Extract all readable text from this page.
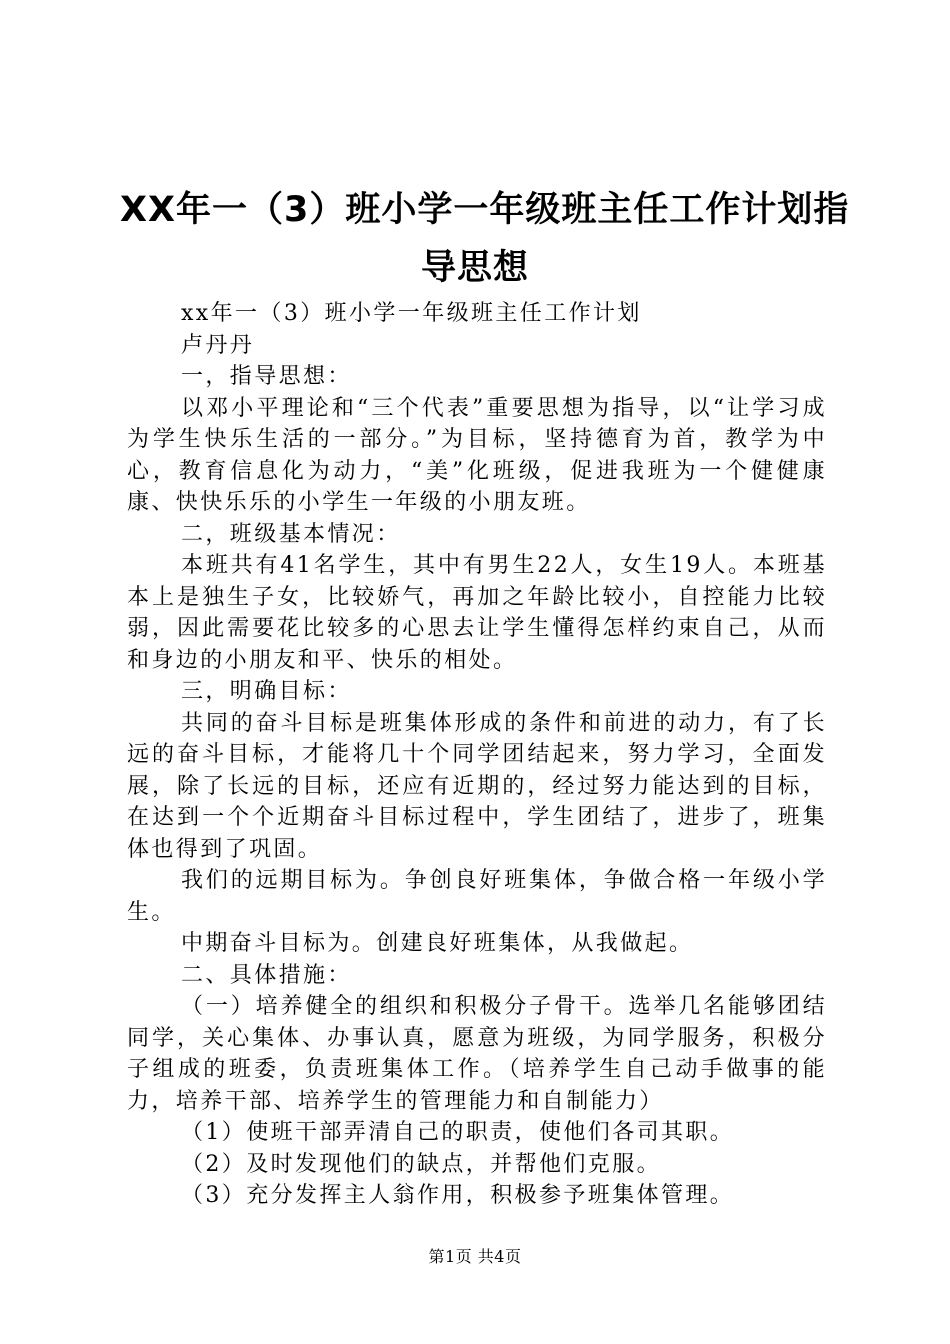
XX年一（3）班小学一年级班主任工作计划指
导思想

xx年一（3）班小学一年级班主任工作计划

卢丹丹

一，指导思想：

以邓小平理论和“三个代表”重要思想为指导，以“让学习成为学生快乐生活的一部分。”为目标，坚持德育为首，教学为中心，教育信息化为动力，“美”化班级，促进我班为一个健健康康、快快乐乐的小学生一年级的小朋友班。

二，班级基本情况：

本班共有41名学生，其中有男生22人，女生19人。本班基本上是独生子女，比较娇气，再加之年龄比较小，自控能力比较弱，因此需要花比较多的心思去让学生懂得怎样约束自己，从而和身边的小朋友和平、快乐的相处。

三，明确目标：

共同的奋斗目标是班集体形成的条件和前进的动力，有了长远的奋斗目标，才能将几十个同学团结起来，努力学习，全面发展，除了长远的目标，还应有近期的，经过努力能达到的目标，在达到一个个近期奋斗目标过程中，学生团结了，进步了，班集体也得到了巩固。

我们的远期目标为。争创良好班集体，争做合格一年级小学生。

中期奋斗目标为。创建良好班集体，从我做起。

二、具体措施：

（一）培养健全的组织和积极分子骨干。选举几名能够团结同学，关心集体、办事认真，愿意为班级，为同学服务，积极分子组成的班委，负责班集体工作。（培养学生自己动手做事的能力，培养干部、培养学生的管理能力和自制能力）

（1）使班干部弄清自己的职责，使他们各司其职。

（2）及时发现他们的缺点，并帮他们克服。

（3）充分发挥主人翁作用，积极参予班集体管理。

第1页 共4页
